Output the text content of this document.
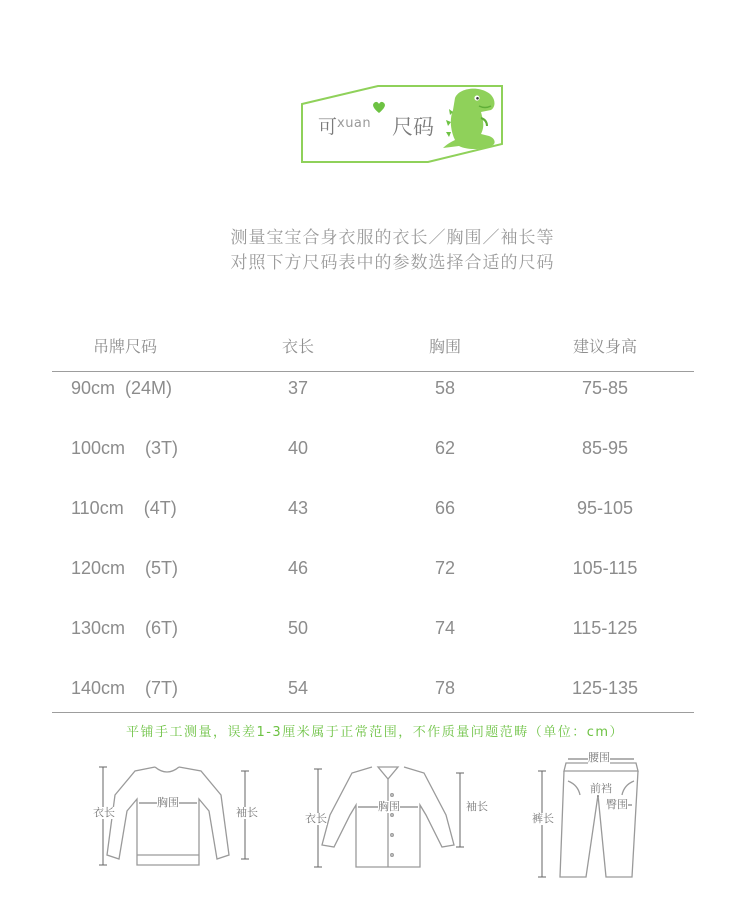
可 xuan 尺码
测量宝宝合身衣服的衣长／胸围／袖长等
对照下方尺码表中的参数选择合适的尺码
吊牌尺码	衣长	胸围	建议身高
90cm  (24M)	37	58	75-85
100cm    (3T)	40	62	85-95
110cm    (4T)	43	66	95-105
120cm    (5T)	46	72	105-115
130cm    (6T)	50	74	115-125
140cm    (7T)	54	78	125-135
平铺手工测量，误差1-3厘米属于正常范围，不作质量问题范畴（单位：cm）
衣长
胸围
袖长	衣长
胸围	袖长
腰围
前裆
臀围
裤长
